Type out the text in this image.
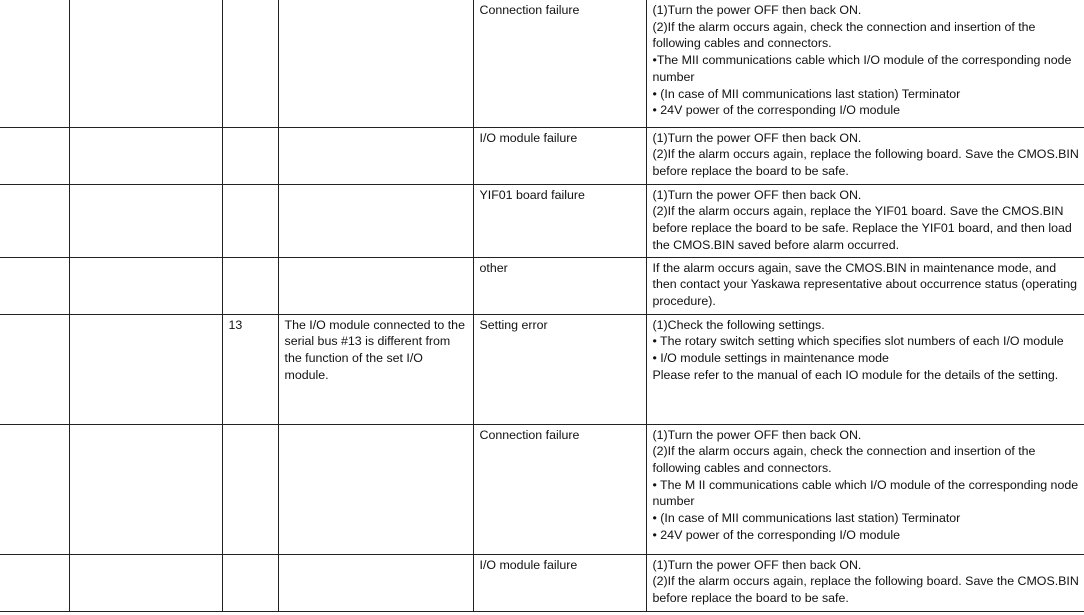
				Connection failure	(1)Turn the power OFF then back ON.
(2)If the alarm occurs again, check the connection and insertion of the following cables and connectors.
•The MII communications cable which I/O module of the corresponding node number
• (In case of MII communications last station) Terminator
• 24V power of the corresponding I/O module

				I/O module failure	(1)Turn the power OFF then back ON.
(2)If the alarm occurs again, replace the following board. Save the CMOS.BIN before replace the board to be safe.

				YIF01 board failure	(1)Turn the power OFF then back ON.
(2)If the alarm occurs again, replace the YIF01 board. Save the CMOS.BIN before replace the board to be safe. Replace the YIF01 board, and then load the CMOS.BIN saved before alarm occurred.

				other	If the alarm occurs again, save the CMOS.BIN in maintenance mode, and then contact your Yaskawa representative about occurrence status (operating procedure).

		13	The I/O module connected to the serial bus #13 is different from the function of the set I/O module.	Setting error	(1)Check the following settings.
• The rotary switch setting which specifies slot numbers of each I/O module
• I/O module settings in maintenance mode
Please refer to the manual of each IO module for the details of the setting.

				Connection failure	(1)Turn the power OFF then back ON.
(2)If the alarm occurs again, check the connection and insertion of the following cables and connectors.
• The M II communications cable which I/O module of the corresponding node number
• (In case of MII communications last station) Terminator
• 24V power of the corresponding I/O module

				I/O module failure	(1)Turn the power OFF then back ON.
(2)If the alarm occurs again, replace the following board. Save the CMOS.BIN before replace the board to be safe.
